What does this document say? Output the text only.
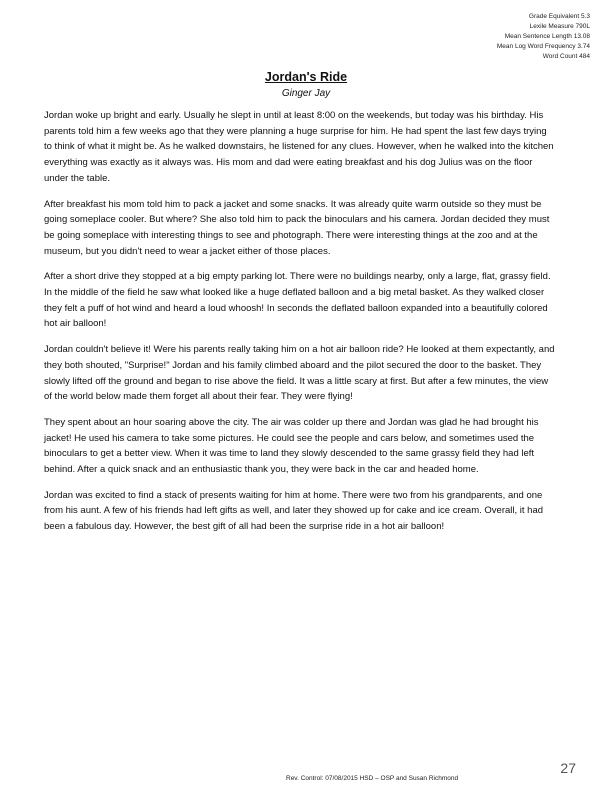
Grade Equivalent 5.3
Lexile Measure 790L
Mean Sentence Length 13.08
Mean Log Word Frequency 3.74
Word Count 484
Jordan's Ride
Ginger Jay

Jordan woke up bright and early. Usually he slept in until at least 8:00 on the weekends, but today was his birthday. His parents told him a few weeks ago that they were planning a huge surprise for him. He had spent the last few days trying to think of what it might be. As he walked downstairs, he listened for any clues. However, when he walked into the kitchen everything was exactly as it always was. His mom and dad were eating breakfast and his dog Julius was on the floor under the table.

After breakfast his mom told him to pack a jacket and some snacks. It was already quite warm outside so they must be going someplace cooler. But where? She also told him to pack the binoculars and his camera. Jordan decided they must be going someplace with interesting things to see and photograph. There were interesting things at the zoo and at the museum, but you didn't need to wear a jacket either of those places.

After a short drive they stopped at a big empty parking lot. There were no buildings nearby, only a large, flat, grassy field. In the middle of the field he saw what looked like a huge deflated balloon and a big metal basket. As they walked closer they felt a puff of hot wind and heard a loud whoosh! In seconds the deflated balloon expanded into a beautifully colored hot air balloon!

Jordan couldn't believe it! Were his parents really taking him on a hot air balloon ride? He looked at them expectantly, and they both shouted, "Surprise!" Jordan and his family climbed aboard and the pilot secured the door to the basket. They slowly lifted off the ground and began to rise above the field. It was a little scary at first. But after a few minutes, the view of the world below made them forget all about their fear. They were flying!

They spent about an hour soaring above the city. The air was colder up there and Jordan was glad he had brought his jacket! He used his camera to take some pictures. He could see the people and cars below, and sometimes used the binoculars to get a better view. When it was time to land they slowly descended to the same grassy field they had left behind. After a quick snack and an enthusiastic thank you, they were back in the car and headed home.

Jordan was excited to find a stack of presents waiting for him at home. There were two from his grandparents, and one from his aunt. A few of his friends had left gifts as well, and later they showed up for cake and ice cream. Overall, it had been a fabulous day. However, the best gift of all had been the surprise ride in a hot air balloon!

Rev. Control: 07/08/2015 HSD – OSP and Susan Richmond
27
